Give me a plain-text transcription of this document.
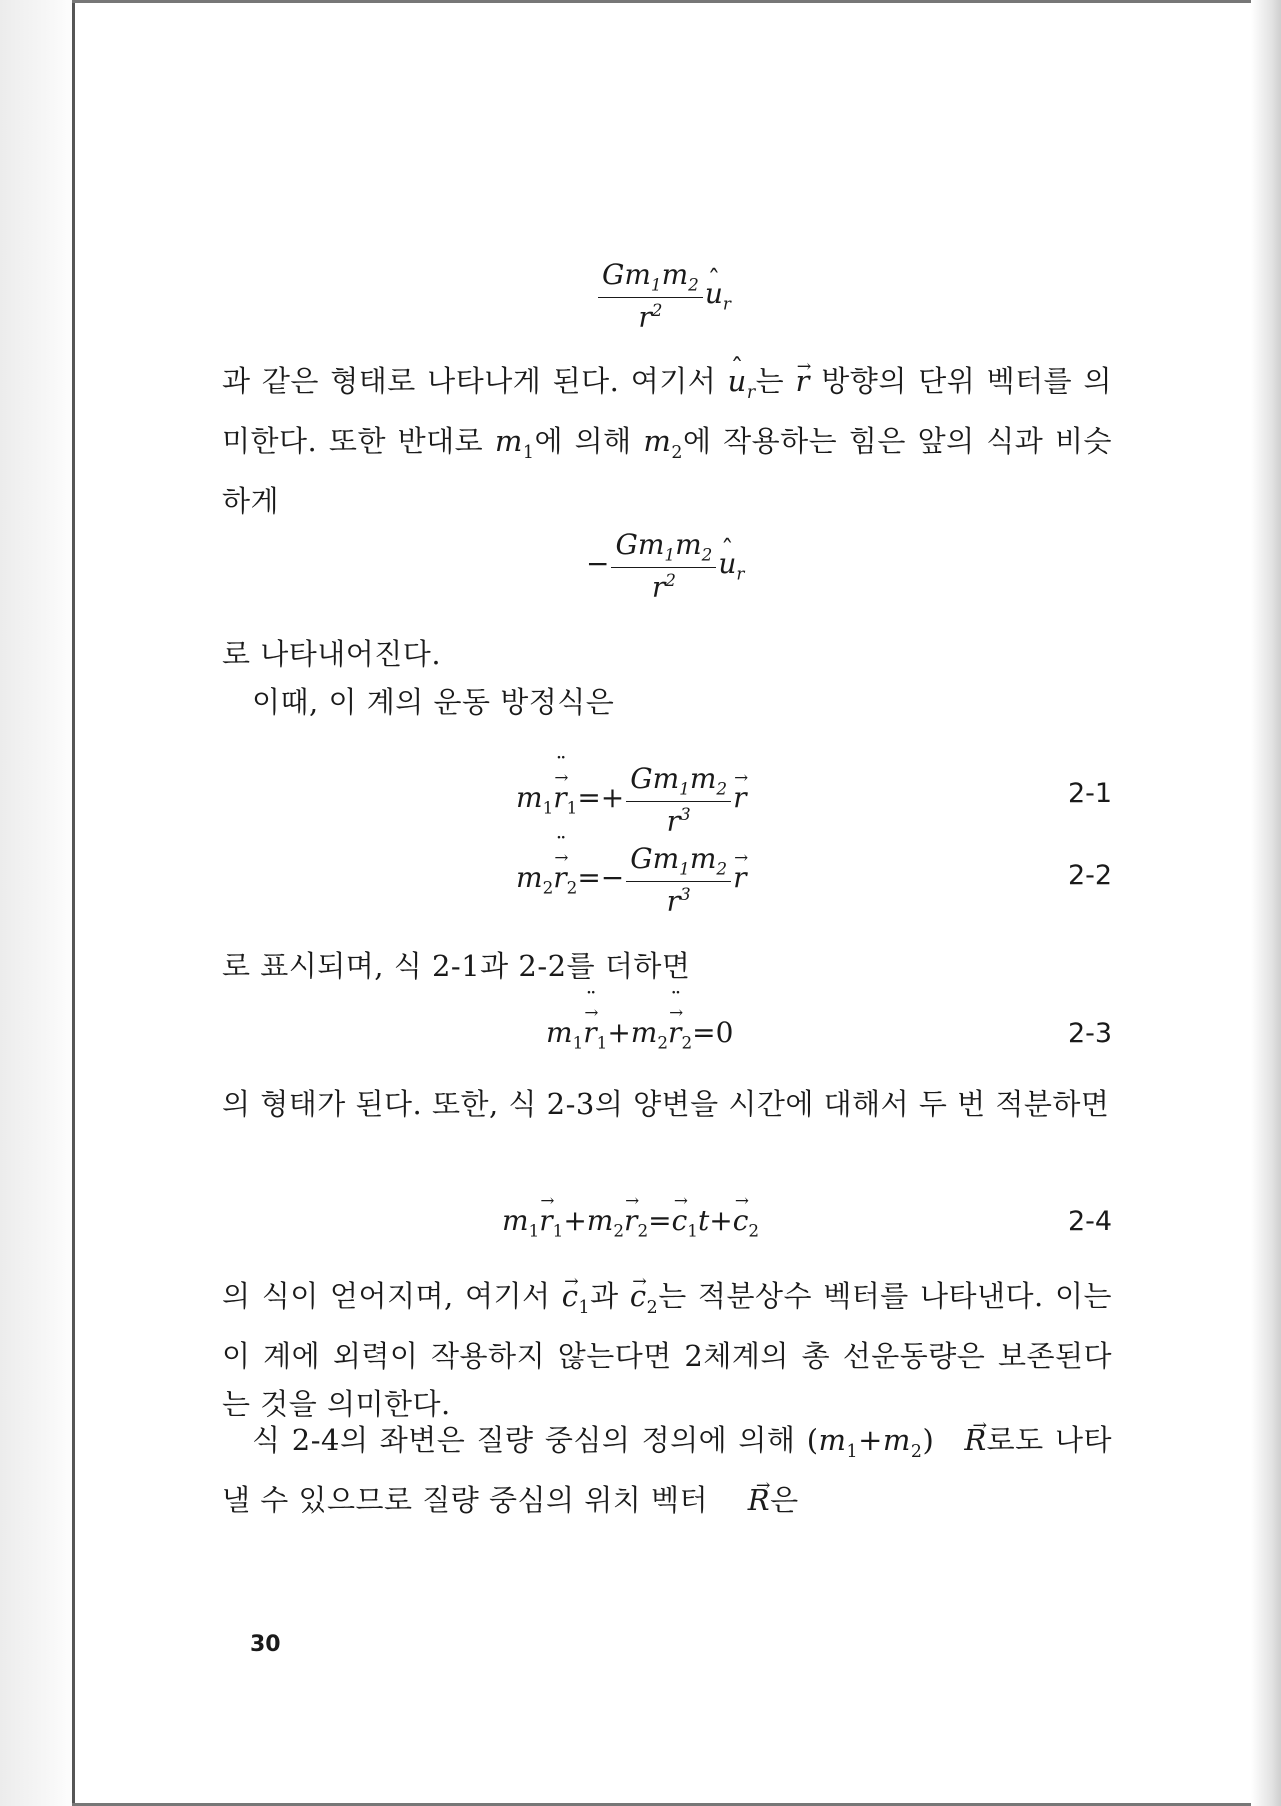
$\frac{Gm_1m_2}{r^2}$
ˆ $u_r$

과 같은 형태로 나타나게 된다. 여기서 ˆ $u_r$는 → r 방향의 단위 벡터를 의미한다. 또한 반대로 $m_1$에 의해 $m_2$에 작용하는 힘은 앞의 식과 비슷하게

− $\frac{Gm_1m_2}{r^2}$
ˆ $u_r$

로 나타내어진다.

이때, 이 계의 운동 방정식은

$m_1\to r$ $¨_1=+ \frac{Gm_1m_2}{r^3}$
→ r	2-1
$m_2\to r$ $¨_2=- \frac{Gm_1m_2}{r^3}$
→ r	2-2

로 표시되며, 식 2-1과 2-2를 더하면

$m_1\to r$ $¨_1+m_2\to r$ $¨_2=0$	2-3

의 형태가 된다. 또한, 식 2-3의 양변을 시간에 대해서 두 번 적분하면

$m_1\to r_1+m_2\to r_2=\to c_1t+\to c_2$	2-4

의 식이 얻어지며, 여기서 → $c_1$과 → $c_2$는 적분상수 벡터를 나타낸다. 이는 이 계에 외력이 작용하지 않는다면 2체계의 총 선운동량은 보존된다는 것을 의미한다.

식 2-4의 좌변은 질량 중심의 정의에 의해 $(m_1+m_2)\to R$로도 나타낼 수 있으므로 질량 중심의 위치 벡터 → R은

30
